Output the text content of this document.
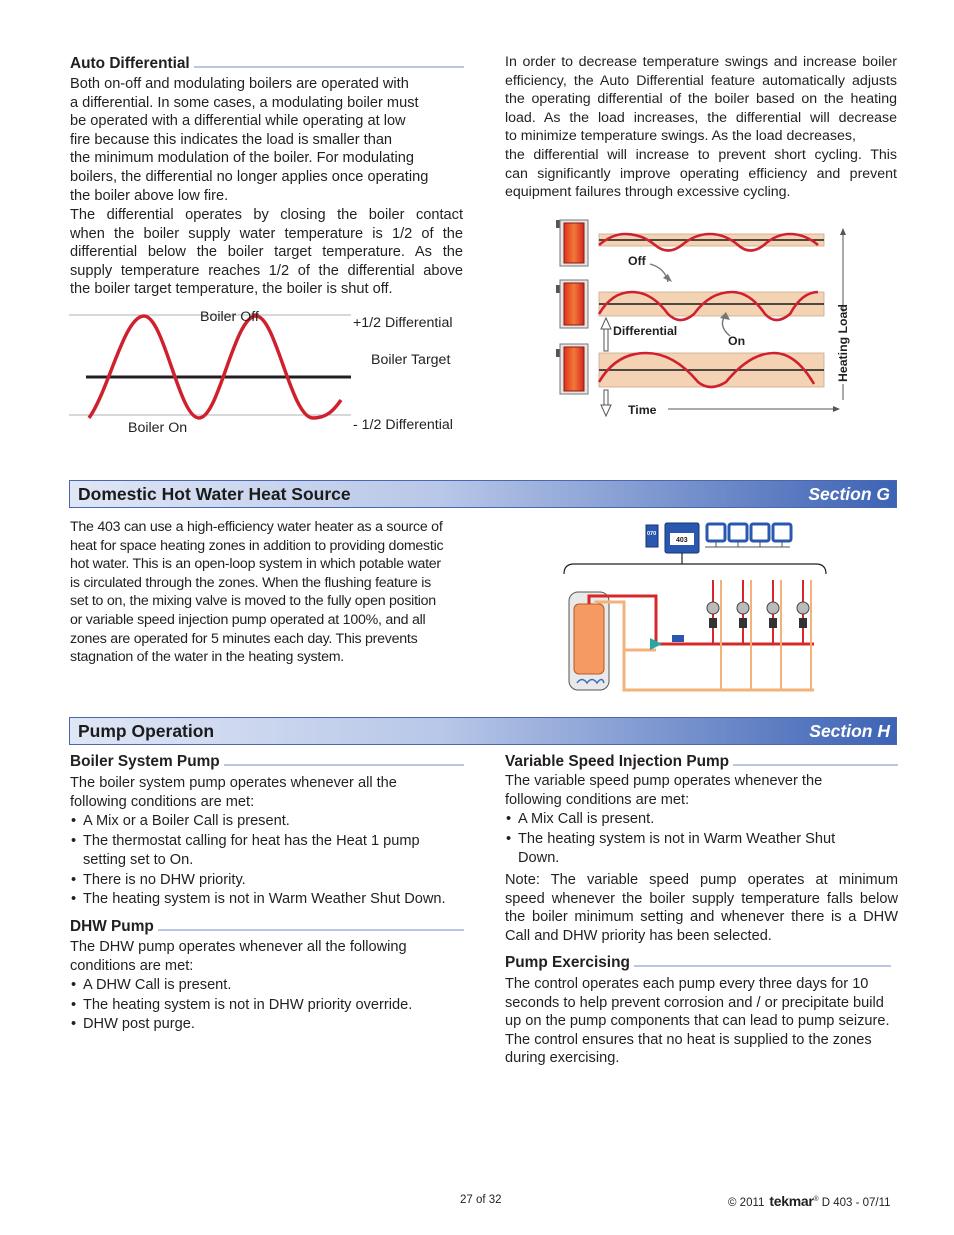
Auto Differential
Both on-off and modulating boilers are operated with
a differential. In some cases, a modulating boiler must
be operated with a differential while operating at low
fire because this indicates the load is smaller than
the minimum modulation of the boiler. For modulating
boilers, the differential no longer applies once operating
the boiler above low fire.
The differential operates by closing the boiler contact
when the boiler supply water temperature is 1/2 of the
differential below the boiler target temperature. As the
supply temperature reaches 1/2 of the differential above
the boiler target temperature, the boiler is shut off.
Boiler Off	+1/2 Differential
Boiler Target
Boiler On	- 1/2 Differential
In order to decrease temperature swings and increase boiler
efficiency, the Auto Differential feature automatically adjusts
the operating differential of the boiler based on the heating
load. As the load increases, the differential will decrease
to minimize temperature swings. As the load decreases,
the differential will increase to prevent short cycling. This
can significantly improve operating efficiency and prevent
equipment failures through excessive cycling.
Off
Differential
On
Time
Heating Load
Domestic Hot Water Heat Source	Section G
The 403 can use a high-efficiency water heater as a source of
heat for space heating zones in addition to providing domestic
hot water. This is an open-loop system in which potable water
is circulated through the zones. When the flushing feature is
set to on, the mixing valve is moved to the fully open position
or variable speed injection pump operated at 100%, and all
zones are operated for 5 minutes each day. This prevents
stagnation of the water in the heating system.
070
403
Pump Operation	Section H
Boiler System Pump
The boiler system pump operates whenever all the
following conditions are met:
• A Mix or a Boiler Call is present.
• The thermostat calling for heat has the Heat 1 pump setting set to On.
• There is no DHW priority.
• The heating system is not in Warm Weather Shut Down.
DHW Pump
The DHW pump operates whenever all the following
conditions are met:
• A DHW Call is present.
• The heating system is not in DHW priority override.
• DHW post purge.
Variable Speed Injection Pump
The variable speed pump operates whenever the
following conditions are met:
• A Mix Call is present.
• The heating system is not in Warm Weather Shut Down.
Note: The variable speed pump operates at minimum
speed whenever the boiler supply temperature falls below
the boiler minimum setting and whenever there is a DHW
Call and DHW priority has been selected.
Pump Exercising
The control operates each pump every three days for 10
seconds to help prevent corrosion and / or precipitate build
up on the pump components that can lead to pump seizure.
The control ensures that no heat is supplied to the zones
during exercising.
27 of 32	© 2011 tekmar ® D 403 - 07/11
